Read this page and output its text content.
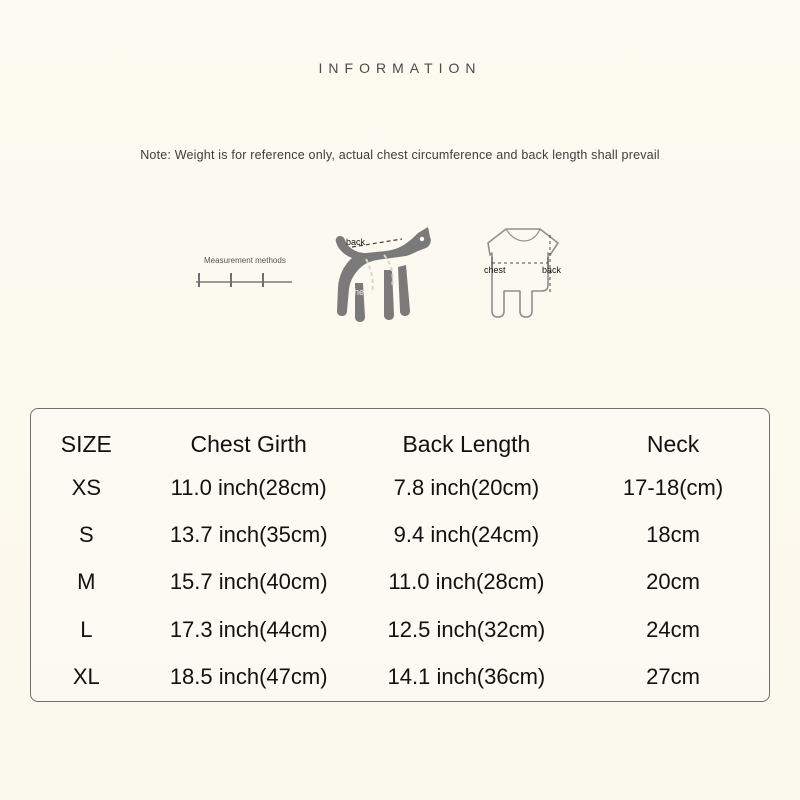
INFORMATION
Note: Weight is for reference only, actual chest circumference and back length shall prevail
Measurement methods
back
hes
chest	back
SIZE	Chest Girth	Back Length	Neck
XS	11.0 inch(28cm)	7.8 inch(20cm)	17-18(cm)
S	13.7 inch(35cm)	9.4 inch(24cm)	18cm
M	15.7 inch(40cm)	11.0 inch(28cm)	20cm
L	17.3 inch(44cm)	12.5 inch(32cm)	24cm
XL	18.5 inch(47cm)	14.1 inch(36cm)	27cm
